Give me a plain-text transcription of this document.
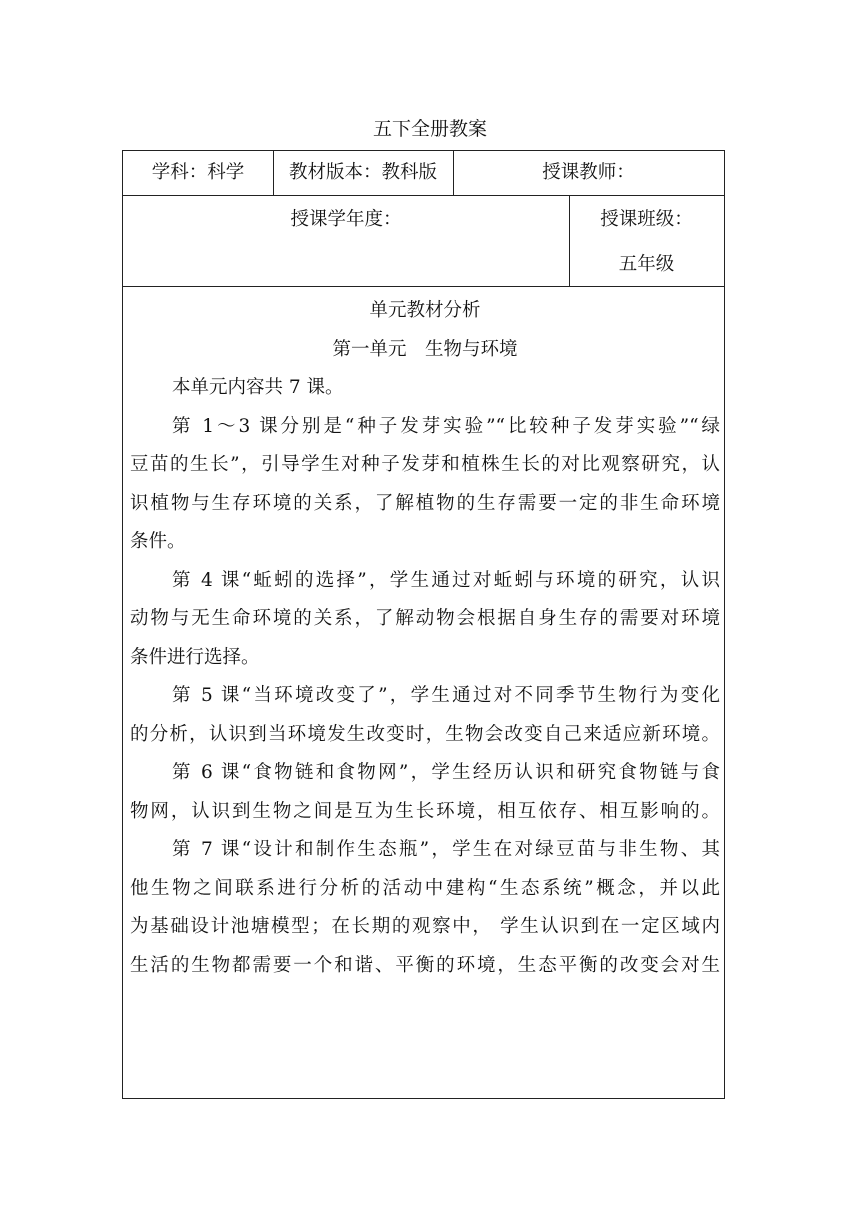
五下全册教案
学科：科学	教材版本：教科版	授课教师：
授课学年度：	授课班级：
五年级
单元教材分析
第一单元　生物与环境
本单元内容共 7 课。
第 1～3 课分别是“种子发芽实验”“比较种子发芽实验”“绿
豆苗的生长”，引导学生对种子发芽和植株生长的对比观察研究，认
识植物与生存环境的关系，了解植物的生存需要一定的非生命环境
条件。
第 4 课“蚯蚓的选择”，学生通过对蚯蚓与环境的研究，认识
动物与无生命环境的关系，了解动物会根据自身生存的需要对环境
条件进行选择。
第 5 课“当环境改变了”，学生通过对不同季节生物行为变化
的分析，认识到当环境发生改变时，生物会改变自己来适应新环境。
第 6 课“食物链和食物网”，学生经历认识和研究食物链与食
物网，认识到生物之间是互为生长环境，相互依存、相互影响的。
第 7 课“设计和制作生态瓶”，学生在对绿豆苗与非生物、其
他生物之间联系进行分析的活动中建构“生态系统”概念，并以此
为基础设计池塘模型；在长期的观察中， 学生认识到在一定区域内
生活的生物都需要一个和谐、平衡的环境，生态平衡的改变会对生
